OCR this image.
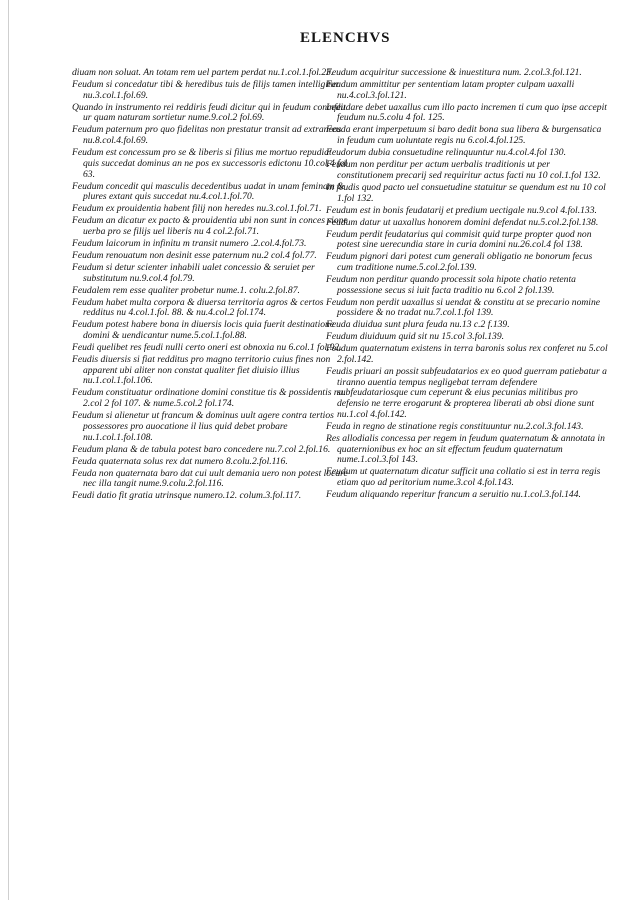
ELENCHVS

diuam non soluat. An totam rem uel partem perdat nu.1.col.1.fol.23.

Feudum si concedatur tibi & heredibus tuis de filijs tamen intelligitur nu.3.col.1.fol.69.

Quando in instrumento rei reddiris feudi dicitur qui in feudum concedit ur quam naturam sortietur nume.9.col.2 fol.69.

Feudum paternum pro quo fidelitas non prestatur transit ad extraneos nu.8.col.4.fol.69.

Feudum est concessum pro se & liberis si filius me mortuo repudiat quis succedat dominus an ne pos ex successoris edictonu 10.col.4 fol 63.

Feudum concedit qui masculis decedentibus uadat in unam feminam & plures extant quis succedat nu.4.col.1.fol.70.

Feudum ex prouidentia habent filij non heredes nu.3.col.1.fol.71.

Feudum an dicatur ex pacto & prouidentia ubi non sunt in conces sione uerba pro se filijs uel liberis nu 4 col.2.fol.71.

Feudum laicorum in infinitu m transit numero .2.col.4.fol.73.

Feudum renouatum non desinit esse paternum nu.2 col.4 fol.77.

Feudum si detur scienter inhabili ualet concessio & seruiet per substitutum nu.9.col.4 fol.79.

Feudalem rem esse qualiter probetur nume.1. colu.2.fol.87.

Feudum habet multa corpora & diuersa territoria agros & certos redditus nu 4.col.1.fol. 88. & nu.4.col.2 fol.174.

Feudum potest habere bona in diuersis locis quia fuerit destinatione domini & uendicantur nume.5.col.1.fol.88.

Feudi quelibet res feudi nulli certo oneri est obnoxia nu 6.col.1 fol.92.

Feudis diuersis si fiat redditus pro magno territorio cuius fines non apparent ubi aliter non constat qualiter fiet diuisio illius nu.1.col.1.fol.106.

Feudum constituatur ordinatione domini constitue tis & possidentis nu. 2.col 2 fol 107. & nume.5.col.2 fol.174.

Feudum si alienetur ut francum & dominus uult agere contra tertios possessores pro auocatione il lius quid debet probare nu.1.col.1.fol.108.

Feudum plana & de tabula potest baro concedere nu.7.col 2.fol.16.

Feuda quaternata solus rex dat numero 8.colu.2.fol.116.

Feuda non quaternata baro dat cui uult demania uero non potest locare nec illa tangit nume.9.colu.2.fol.116.

Feudi datio fit gratia utrinsque numero.12. colum.3.fol.117.

Feudum acquiritur successione & inuestitura num. 2.col.3.fol.121.

Feudum ammittitur per sententiam latam propter culpam uaxalli nu.4.col.3.fol.121.

Infeudare debet uaxallus cum illo pacto incremen ti cum quo ipse accepit feudum nu.5.colu 4 fol. 125.

Feuda erant imperpetuum si baro dedit bona sua libera & burgensatica in feudum cum uoluntate regis nu 6.col.4.fol.125.

Feudorum dubia consuetudine relinquuntur nu.4.col.4.fol 130.

Feudum non perditur per actum uerbalis traditionis ut per constitutionem precarij sed requiritur actus facti nu 10 col.1.fol 132.

In feudis quod pacto uel consuetudine statuitur se quendum est nu 10 col 1.fol 132.

Feudum est in bonis feudatarij et predium uectigale nu.9.col 4.fol.133.

Feudum datur ut uaxallus honorem domini defendat nu.5.col.2.fol.138.

Feudum perdit feudatarius qui commisit quid turpe propter quod non potest sine uerecundia stare in curia domini nu.26.col.4 fol 138.

Feudum pignori dari potest cum generali obligatio ne bonorum fecus cum traditione nume.5.col.2.fol.139.

Feudum non perditur quando processit sola hipote chatio retenta possessione secus si iuit facta traditio nu 6.col 2 fol.139.

Feudum non perdit uaxallus si uendat & constitu at se precario nomine possidere & no tradat nu.7.col.1.fol 139.

Feuda diuidua sunt plura feuda nu.13 c.2 f.139.

Feudum diuiduum quid sit nu 15.col 3.fol.139.

Feudum quaternatum existens in terra baronis solus rex conferet nu 5.col 2.fol.142.

Feudis priuari an possit subfeudatarios ex eo quod guerram patiebatur a tiranno auentia tempus negligebat terram defendere subfeudatariosque cum ceperunt & eius pecunias militibus pro defensio ne terre erogarunt & propterea liberati ab obsi dione sunt nu.1.col 4.fol.142.

Feuda in regno de stinatione regis constituuntur nu.2.col.3.fol.143.

Res allodialis concessa per regem in feudum quaternatum & annotata in quaternionibus ex hoc an sit effectum feudum quaternatum nume.1.col.3.fol 143.

Feudum ut quaternatum dicatur sufficit una collatio si est in terra regis etiam quo ad peritorium nume.3.col 4.fol.143.

Feudum aliquando reperitur francum a seruitio nu.1.col.3.fol.144.
